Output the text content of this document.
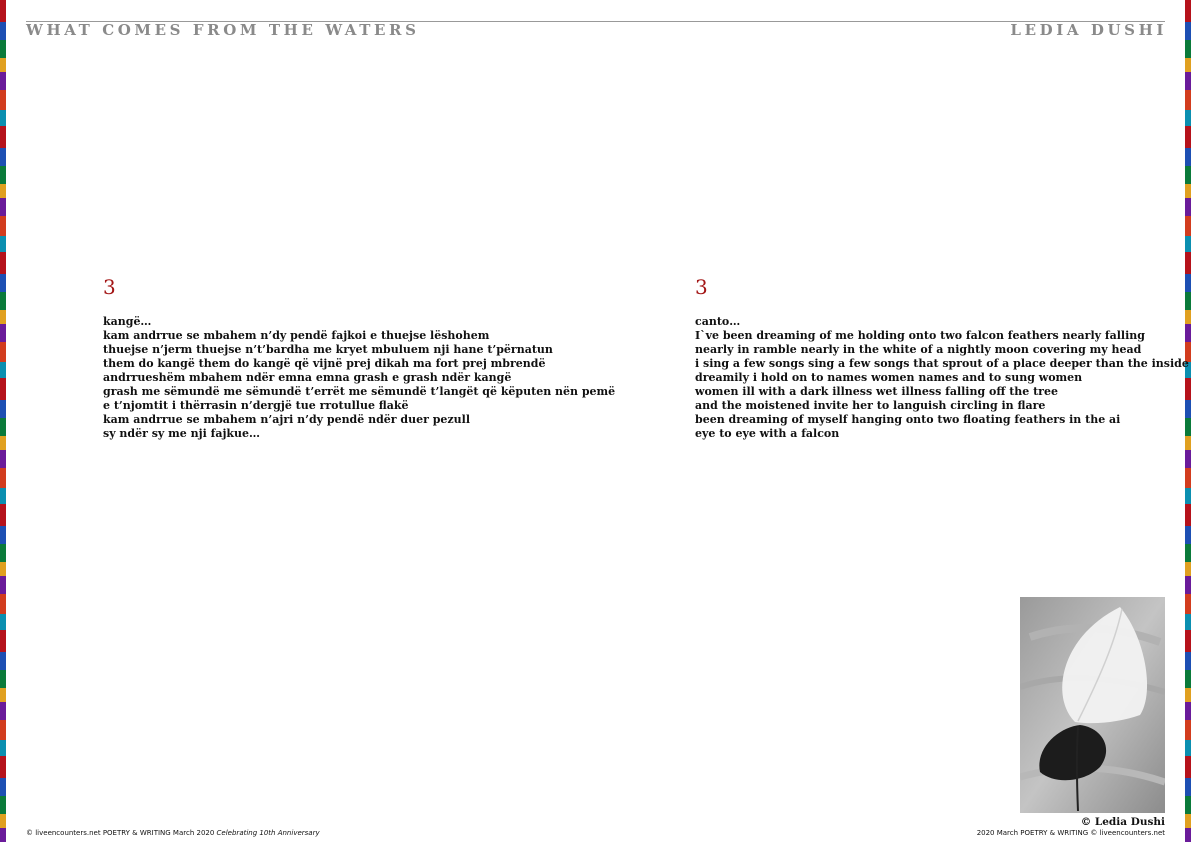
WHAT COMES FROM THE WATERS	LEDIA DUSHI
3
kangë…
kam andrrue se mbahem n’dy pendë fajkoi e thuejse lëshohem
thuejse n’jerm thuejse n’t’bardha me kryet mbuluem nji hane t’përnatun
them do kangë them do kangë që vijnë prej dikah ma fort prej mbrendë
andrrueshëm mbahem ndër emna emna grash e grash ndër kangë
grash me sëmundë me sëmundë t’errët me sëmundë t’langët që këputen nën pemë
e t’njomtit i thërrasin n’dergjë tue rrotullue flakë
kam andrrue se mbahem n’ajri n’dy pendë ndër duer pezull
sy ndër sy me nji fajkue…
3
canto…
I`ve been dreaming of me holding onto two falcon feathers nearly falling
nearly in ramble nearly in the white of a nightly moon covering my head
i sing a few songs sing a few songs that sprout of a place deeper than the inside
dreamily i hold on to names women names and to sung women
women ill with a dark illness wet illness falling off the tree
and the moistened invite her to languish circling in flare
been dreaming of myself hanging onto two floating feathers in the ai
eye to eye with a falcon
© Ledia Dushi
© liveencounters.net POETRY & WRITING March 2020 Celebrating 10th Anniversary	2020 March POETRY & WRITING © liveencounters.net
